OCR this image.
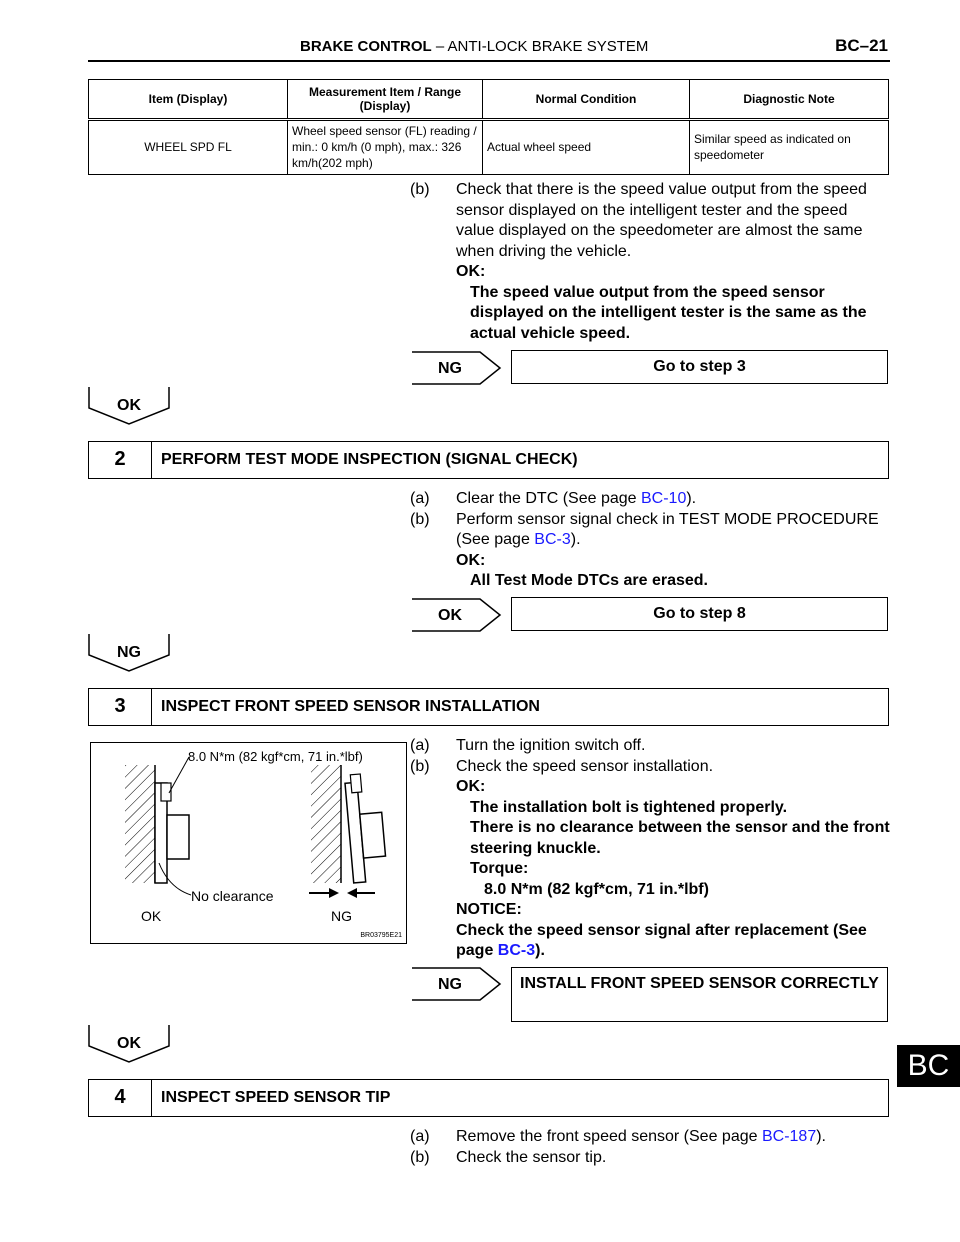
BRAKE CONTROL – ANTI-LOCK BRAKE SYSTEM	BC–21
Item (Display)	Measurement Item / Range (Display)	Normal Condition	Diagnostic Note
WHEEL SPD FL	Wheel speed sensor (FL) reading / min.: 0 km/h (0 mph), max.: 326 km/h(202 mph)	Actual wheel speed	Similar speed as indicated on speedometer
(b) Check that there is the speed value output from the speed sensor displayed on the intelligent tester and the speed value displayed on the speedometer are almost the same when driving the vehicle.
OK:
The speed value output from the speed sensor displayed on the intelligent tester is the same as the actual vehicle speed.
NG	Go to step 3
OK
2	PERFORM TEST MODE INSPECTION (SIGNAL CHECK)
(a) Clear the DTC (See page BC-10).
(b) Perform sensor signal check in TEST MODE PROCEDURE (See page BC-3).
OK:
All Test Mode DTCs are erased.
OK	Go to step 8
NG
3	INSPECT FRONT SPEED SENSOR INSTALLATION
8.0 N*m (82 kgf*cm, 71 in.*lbf)
No clearance
OK	NG
BR03795E21
(a) Turn the ignition switch off.
(b) Check the speed sensor installation.
OK:
The installation bolt is tightened properly.
There is no clearance between the sensor and the front steering knuckle.
Torque:
8.0 N*m (82 kgf*cm, 71 in.*lbf)
NOTICE:
Check the speed sensor signal after replacement (See page BC-3).
NG	INSTALL FRONT SPEED SENSOR CORRECTLY
OK
BC
4	INSPECT SPEED SENSOR TIP
(a) Remove the front speed sensor (See page BC-187).
(b) Check the sensor tip.
